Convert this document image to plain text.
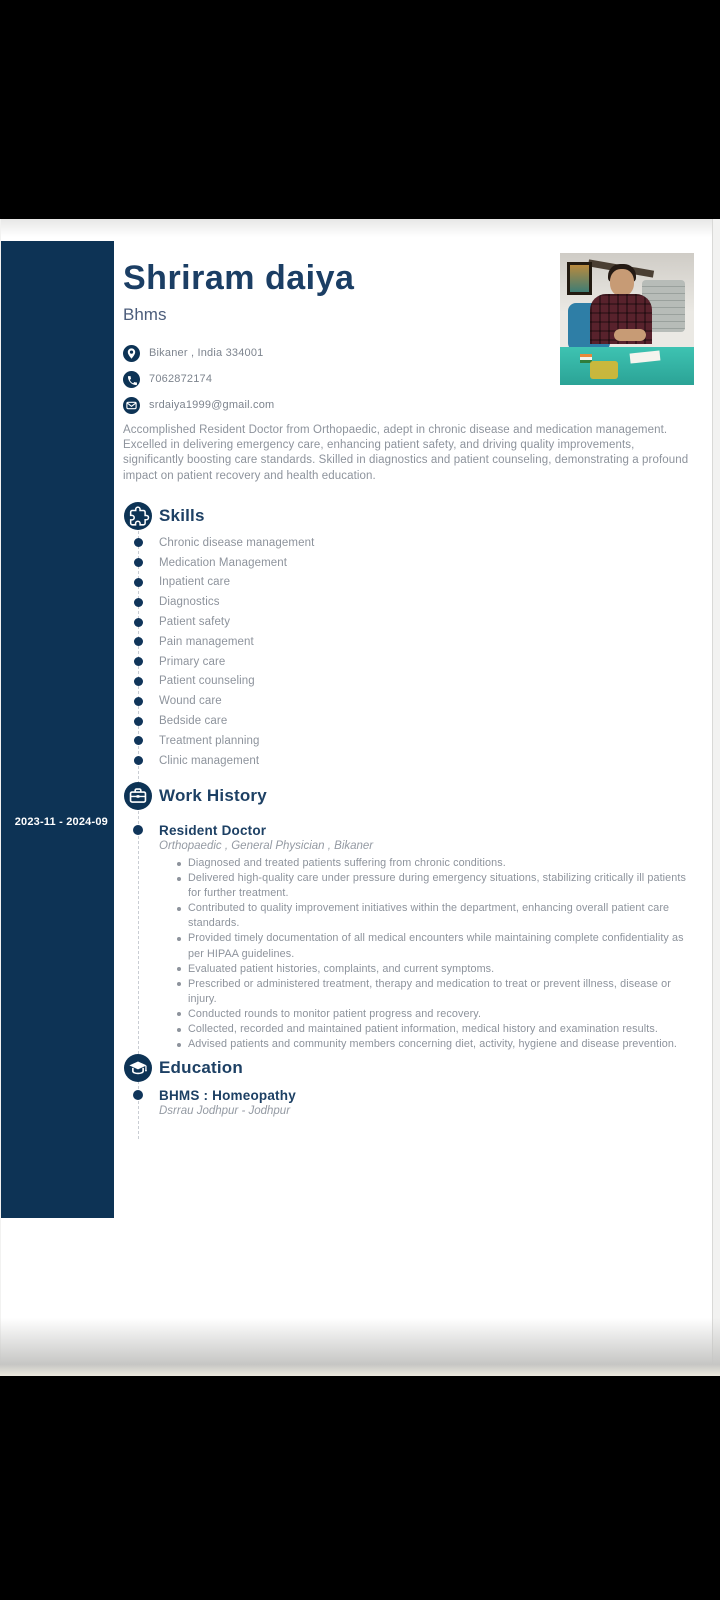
2023-11 - 2024-09
Shriram daiya
Bhms
Bikaner , India 334001
7062872174
srdaiya1999@gmail.com

Accomplished Resident Doctor from Orthopaedic, adept in chronic disease and medication management. Excelled in delivering emergency care, enhancing patient safety, and driving quality improvements, significantly boosting care standards. Skilled in diagnostics and patient counseling, demonstrating a profound impact on patient recovery and health education.

Skills
Chronic disease management
Medication Management
Inpatient care
Diagnostics
Patient safety
Pain management
Primary care
Patient counseling
Wound care
Bedside care
Treatment planning
Clinic management
Work History
Resident Doctor
Orthopaedic , General Physician , Bikaner
Diagnosed and treated patients suffering from chronic conditions.
Delivered high-quality care under pressure during emergency situations, stabilizing critically ill patients for further treatment.
Contributed to quality improvement initiatives within the department, enhancing overall patient care standards.
Provided timely documentation of all medical encounters while maintaining complete confidentiality as per HIPAA guidelines.
Evaluated patient histories, complaints, and current symptoms.
Prescribed or administered treatment, therapy and medication to treat or prevent illness, disease or injury.
Conducted rounds to monitor patient progress and recovery.
Collected, recorded and maintained patient information, medical history and examination results.
Advised patients and community members concerning diet, activity, hygiene and disease prevention.
Education
BHMS : Homeopathy
Dsrrau Jodhpur - Jodhpur
